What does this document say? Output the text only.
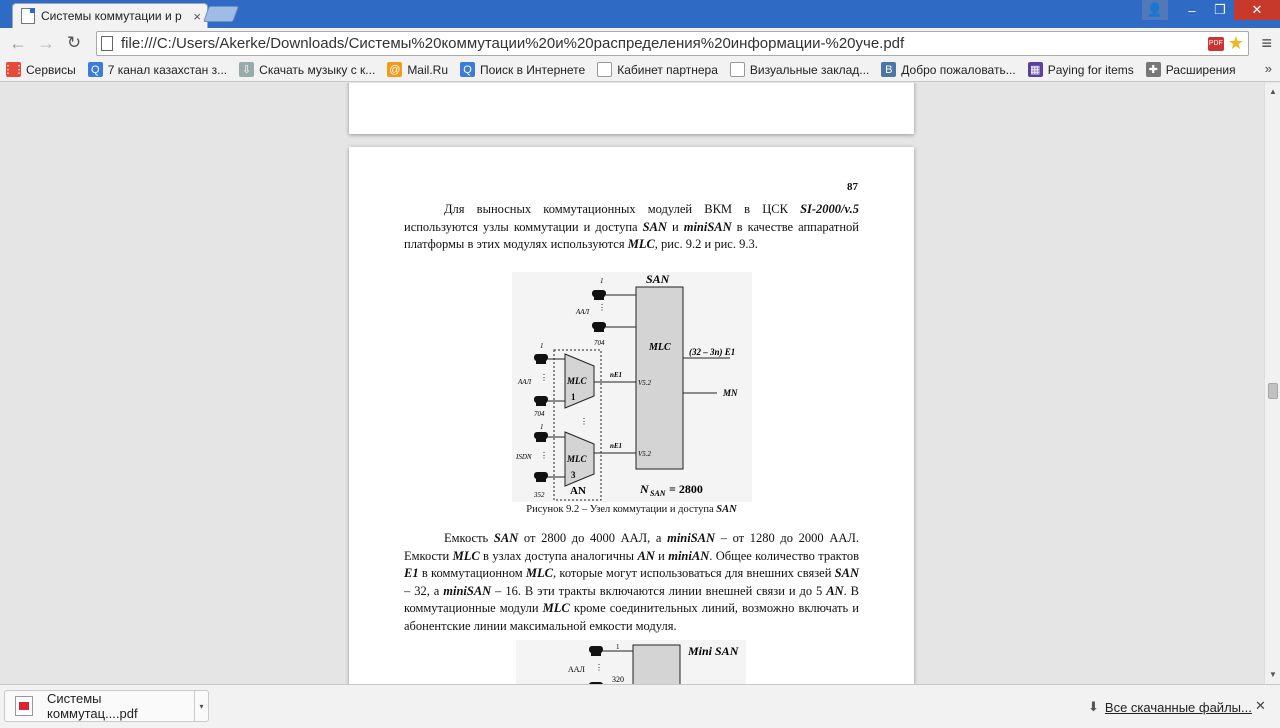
Системы коммутации и р ×	👤	–	❐	✕
← → ↻	file:///C:/Users/Akerke/Downloads/Системы%20коммутации%20и%20распределения%20информации-%20уче.pdf	PDF ★ ≡
⋮⋮ Сервисы Q 7 канал казахстан з... ⇩ Скачать музыку с к... @ Mail.Ru Q Поиск в Интернете	Кабинет партнера	Визуальные заклад...	B Добро пожаловать... ▦ Paying for items ✚ Расширения »
87
Для выносных коммутационных модулей ВКМ в ЦСК SI-2000/v.5 используются узлы коммутации и доступа SAN и miniSAN в качестве аппаратной платформы в этих модулях используются MLC, рис. 9.2 и рис. 9.3.
SAN
MLC
1
ААЛ ⋮
704
AN
1
ААЛ ⋮
704
MLC
1
nE1
V5.2
⋮
1
ISDN ⋮
352
MLC
3
nE1
V5.2
(32 – 3n) E1
MN
N SAN = 2800
Рисунок 9.2 – Узел коммутации и доступа SAN
Емкость SAN от 2800 до 4000 ААЛ, а miniSAN – от 1280 до 2000 ААЛ. Емкости MLC в узлах доступа аналогичны AN и miniAN. Общее количество трактов E1 в коммутационном MLC, которые могут использоваться для внешних связей SAN – 32, а miniSAN – 16. В эти тракты включаются линии внешней связи и до 5 AN. В коммутационные модули MLC кроме соединительных линий, возможно включать и абонентские линии максимальной емкости модуля.
Mini SAN
1
ААЛ ⋮
320
▲
▼
Системы коммутац....pdf	▾	⬇ Все скачанные файлы... ✕
